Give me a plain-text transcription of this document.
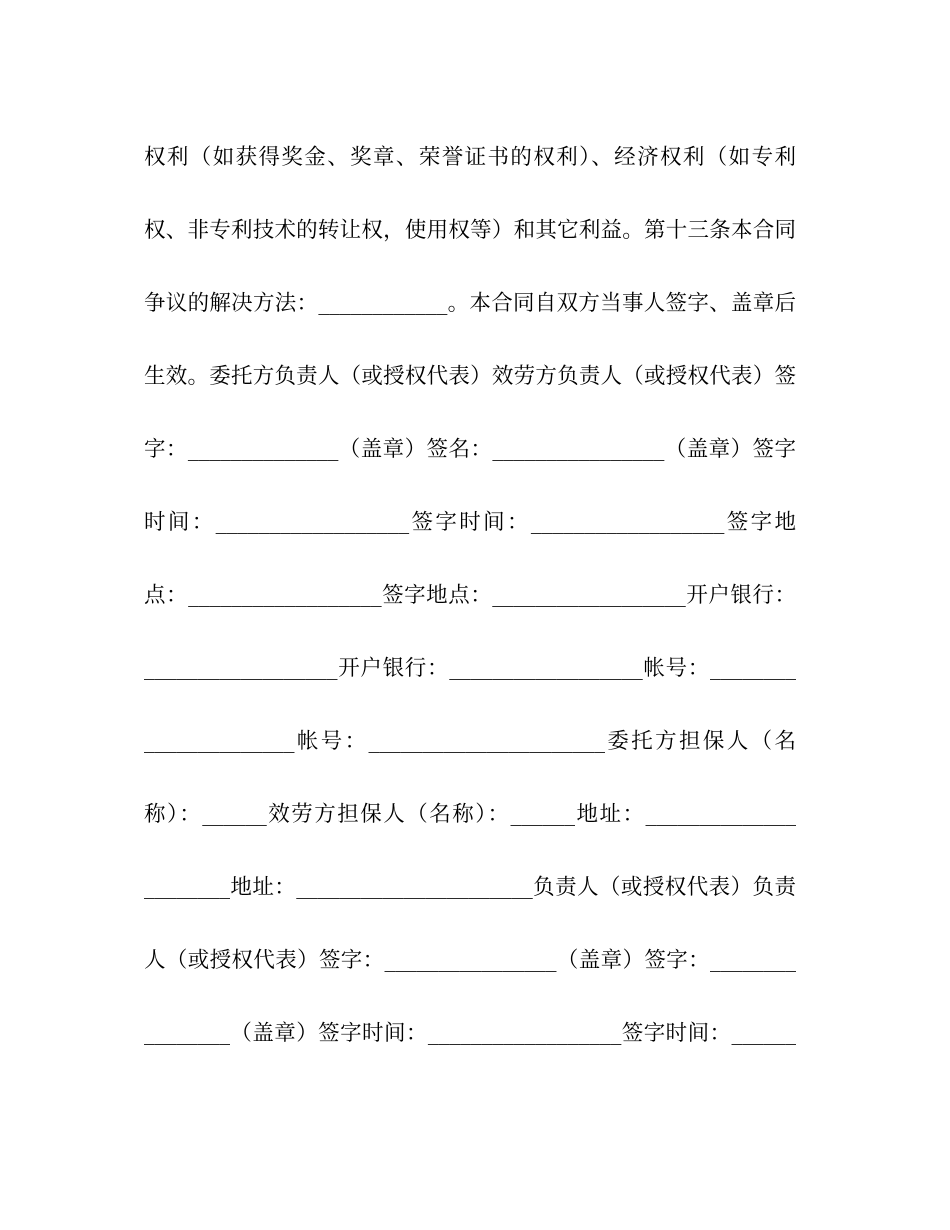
权利（如获得奖金、奖章、荣誉证书的权利）、经济权利（如专利
权、非专利技术的转让权，使用权等）和其它利益。第十三条本合同
争议的解决方法：____________。本合同自双方当事人签字、盖章后
生效。委托方负责人（或授权代表）效劳方负责人（或授权代表）签
字：______________（盖章）签名：________________（盖章）签字
时间：__________________签字时间：__________________签字地
点：__________________签字地点：__________________开户银行：
__________________开户银行：__________________帐号：________
______________帐号：______________________委托方担保人（名
称）：______效劳方担保人（名称）：______地址：______________
________地址：______________________负责人（或授权代表）负责
人（或授权代表）签字：________________（盖章）签字：________
________（盖章）签字时间：__________________签字时间：______
